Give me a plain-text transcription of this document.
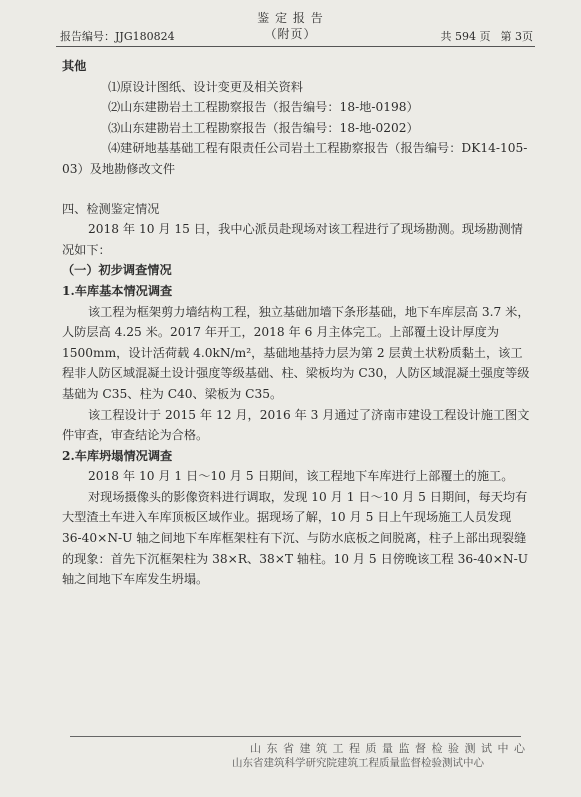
报告编号：JJG180824
鉴 定 报 告
（附页）	共 594 页 第 3页

其他

⑴原设计图纸、设计变更及相关资料

⑵山东建勘岩土工程勘察报告（报告编号：18-地-0198）

⑶山东建勘岩土工程勘察报告（报告编号：18-地-0202）

⑷建研地基基础工程有限责任公司岩土工程勘察报告（报告编号：DK14-105-03）及地勘修改文件

四、检测鉴定情况

2018 年 10 月 15 日，我中心派员赴现场对该工程进行了现场勘测。现场勘测情况如下：

（一）初步调查情况

1.车库基本情况调查

该工程为框架剪力墙结构工程，独立基础加墙下条形基础，地下车库层高 3.7 米，人防层高 4.25 米。2017 年开工，2018 年 6 月主体完工。上部覆土设计厚度为 1500mm，设计活荷载 4.0kN/m²，基础地基持力层为第 2 层黄土状粉质黏土，该工程非人防区域混凝土设计强度等级基础、柱、梁板均为 C30，人防区域混凝土强度等级基础为 C35、柱为 C40、梁板为 C35。

该工程设计于 2015 年 12 月，2016 年 3 月通过了济南市建设工程设计施工图文件审查，审查结论为合格。

2.车库坍塌情况调查

2018 年 10 月 1 日～10 月 5 日期间，该工程地下车库进行上部覆土的施工。

对现场摄像头的影像资料进行调取，发现 10 月 1 日～10 月 5 日期间，每天均有大型渣土车进入车库顶板区域作业。据现场了解，10 月 5 日上午现场施工人员发现 36-40×N-U 轴之间地下车库框架柱有下沉、与防水底板之间脱离，柱子上部出现裂缝的现象：首先下沉框架柱为 38×R、38×T 轴柱。10 月 5 日傍晚该工程 36-40×N-U 轴之间地下车库发生坍塌。

山 东 省 建 筑 工 程 质 量 监 督 检 验 测 试 中 心
山东省建筑科学研究院建筑工程质量监督检验测试中心
